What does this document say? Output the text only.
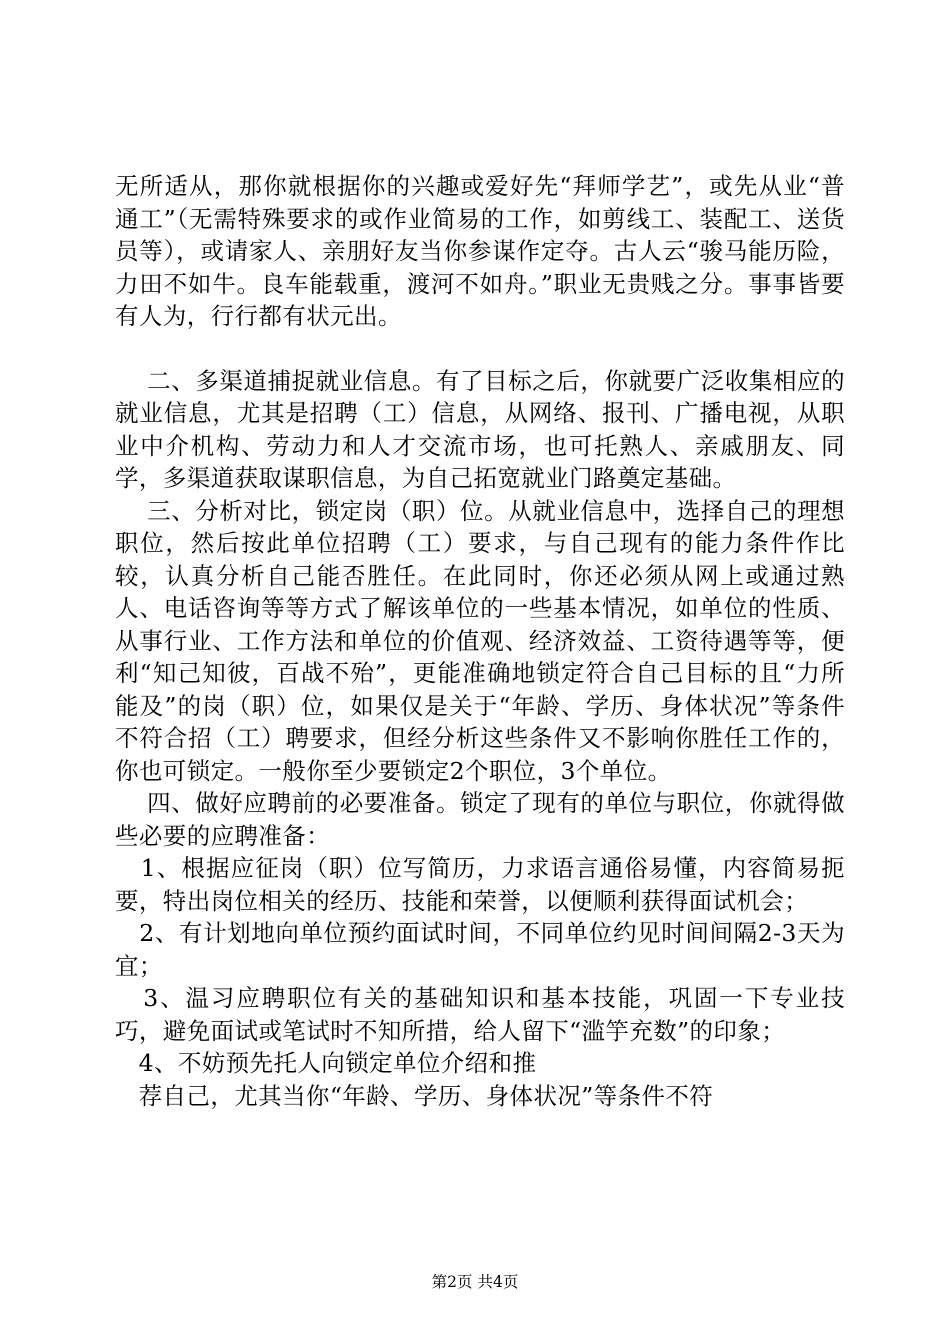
无所适从，那你就根据你的兴趣或爱好先“拜师学艺”，或先从业“普通工”（无需特殊要求的或作业简易的工作，如剪线工、装配工、送货员等），或请家人、亲朋好友当你参谋作定夺。古人云“骏马能历险，力田不如牛。良车能载重，渡河不如舟。”职业无贵贱之分。事事皆要有人为，行行都有状元出。

二、多渠道捕捉就业信息。有了目标之后，你就要广泛收集相应的就业信息，尤其是招聘（工）信息，从网络、报刊、广播电视，从职业中介机构、劳动力和人才交流市场，也可托熟人、亲戚朋友、同学，多渠道获取谋职信息，为自己拓宽就业门路奠定基础。

三、分析对比，锁定岗（职）位。从就业信息中，选择自己的理想职位，然后按此单位招聘（工）要求，与自己现有的能力条件作比较，认真分析自己能否胜任。在此同时，你还必须从网上或通过熟人、电话咨询等等方式了解该单位的一些基本情况，如单位的性质、从事行业、工作方法和单位的价值观、经济效益、工资待遇等等，便利“知己知彼，百战不殆”，更能准确地锁定符合自己目标的且“力所能及”的岗（职）位，如果仅是关于“年龄、学历、身体状况”等条件不符合招（工）聘要求，但经分析这些条件又不影响你胜任工作的，你也可锁定。一般你至少要锁定2个职位，3个单位。

四、做好应聘前的必要准备。锁定了现有的单位与职位，你就得做些必要的应聘准备：

1、根据应征岗（职）位写简历，力求语言通俗易懂，内容简易扼要，特出岗位相关的经历、技能和荣誉，以便顺利获得面试机会；

2、有计划地向单位预约面试时间，不同单位约见时间间隔2-3天为宜；

3、温习应聘职位有关的基础知识和基本技能，巩固一下专业技巧，避免面试或笔试时不知所措，给人留下“滥竽充数”的印象；

4、不妨预先托人向锁定单位介绍和推

荐自己，尤其当你“年龄、学历、身体状况”等条件不符

第2页 共4页
